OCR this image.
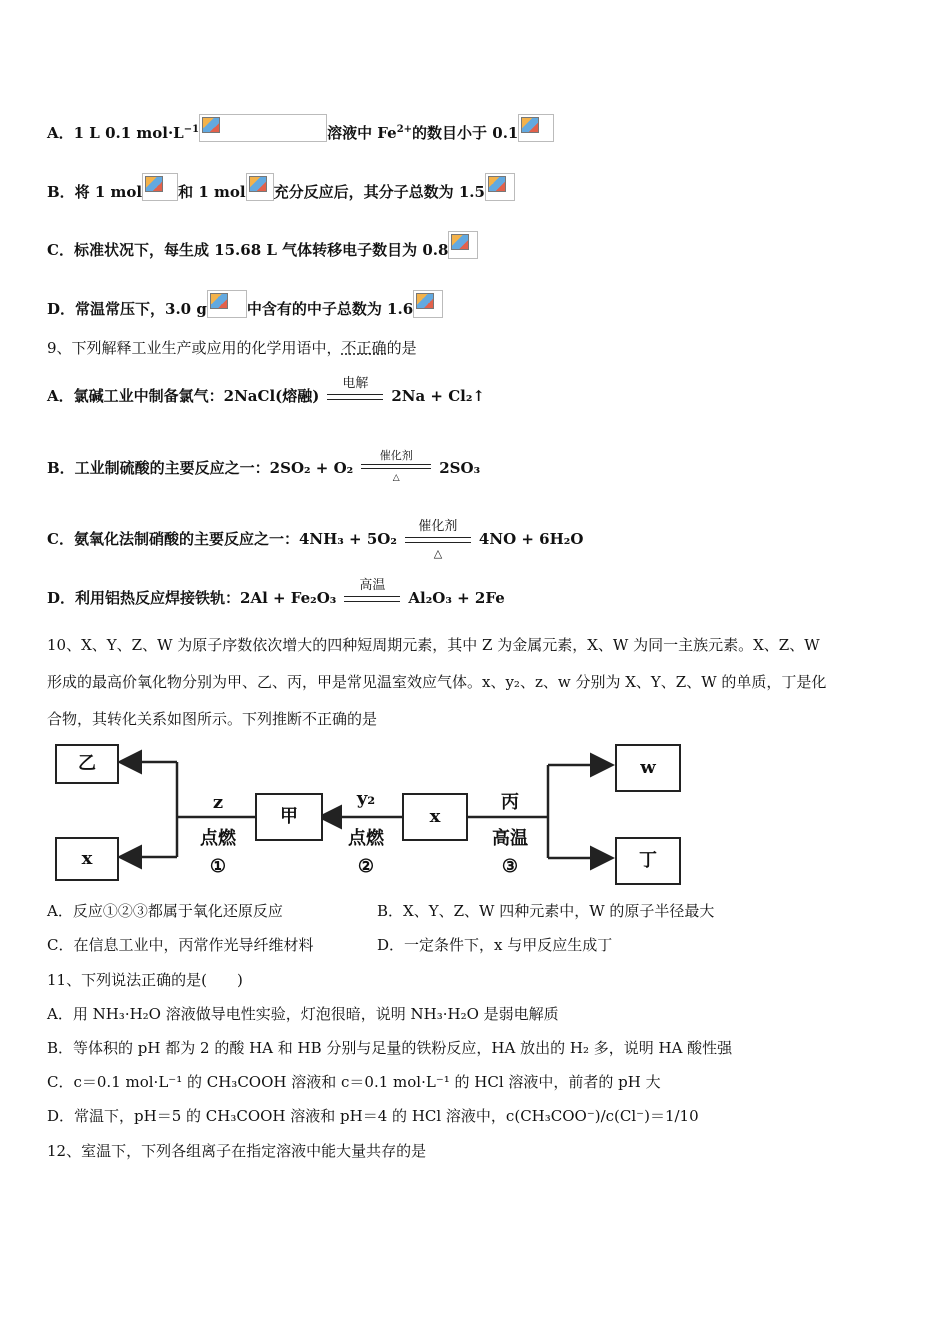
A．1 L 0.1 $mol\cdot L^{-1}$	溶液中 $Fe^{2+}$的数目小于 0.1
B．将 1 mol 和 1 mol 充分反应后，其分子总数为 1.5
C．标准状况下，每生成 15.68 L 气体转移电子数目为 0.8
D．常温常压下，3.0 g	中含有的中子总数为 1.6
9、下列解释工业生产或应用的化学用语中，不正确的是
A．氯碱工业中制备氯气：2NaCl(熔融)
电解
2Na + Cl₂↑
B．工业制硫酸的主要反应之一：2SO₂ + O₂
催化剂
△
2SO₃
C．氨氧化法制硝酸的主要反应之一：4NH₃ + 5O₂
催化剂
△
4NO + 6H₂O
D．利用铝热反应焊接铁轨：2Al + Fe₂O₃
高温
Al₂O₃ + 2Fe
10、X、Y、Z、W 为原子序数依次增大的四种短周期元素，其中 Z 为金属元素，X、W 为同一主族元素。X、Z、W
形成的最高价氧化物分别为甲、乙、丙，甲是常见温室效应气体。x、y₂、z、w 分别为 X、Y、Z、W 的单质，丁是化
合物，其转化关系如图所示。下列推断不正确的是
乙
x
甲	x
w
丁
z
点燃
①
y₂
点燃
②
丙
高温
③
A．反应①②③都属于氧化还原反应	B．X、Y、Z、W 四种元素中，W 的原子半径最大
C．在信息工业中，丙常作光导纤维材料	D．一定条件下，x 与甲反应生成丁
11、下列说法正确的是(　　)
A．用 NH₃·H₂O 溶液做导电性实验，灯泡很暗，说明 NH₃·H₂O 是弱电解质
B．等体积的 pH 都为 2 的酸 HA 和 HB 分别与足量的铁粉反应，HA 放出的 H₂ 多，说明 HA 酸性强
C．c＝0.1 mol·L⁻¹ 的 CH₃COOH 溶液和 c＝0.1 mol·L⁻¹ 的 HCl 溶液中，前者的 pH 大
D．常温下，pH＝5 的 CH₃COOH 溶液和 pH＝4 的 HCl 溶液中，c(CH₃COO⁻)/c(Cl⁻)＝1/10
12、室温下，下列各组离子在指定溶液中能大量共存的是
